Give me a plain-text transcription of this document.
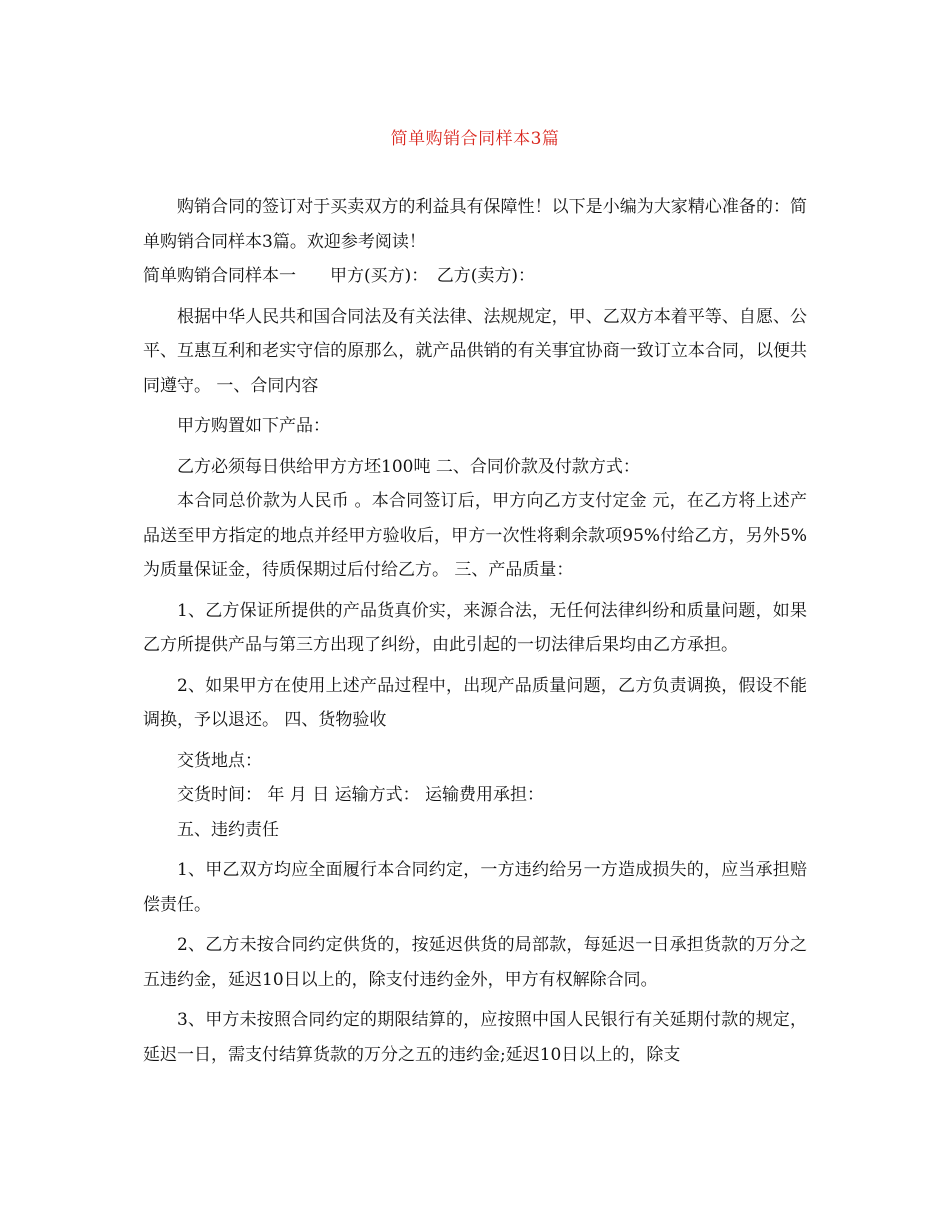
简单购销合同样本3篇

购销合同的签订对于买卖双方的利益具有保障性！以下是小编为大家精心准备的：简单购销合同样本3篇。欢迎参考阅读！

简单购销合同样本一　　甲方(买方)：　乙方(卖方)：

根据中华人民共和国合同法及有关法律、法规规定，甲、乙双方本着平等、自愿、公平、互惠互利和老实守信的原那么，就产品供销的有关事宜协商一致订立本合同，以便共同遵守。 一、合同内容

甲方购置如下产品：

乙方必须每日供给甲方方坯100吨 二、合同价款及付款方式：

本合同总价款为人民币 。本合同签订后，甲方向乙方支付定金 元，在乙方将上述产品送至甲方指定的地点并经甲方验收后，甲方一次性将剩余款项95%付给乙方，另外5%为质量保证金，待质保期过后付给乙方。 三、产品质量：

1、乙方保证所提供的产品货真价实，来源合法，无任何法律纠纷和质量问题，如果乙方所提供产品与第三方出现了纠纷，由此引起的一切法律后果均由乙方承担。

2、如果甲方在使用上述产品过程中，出现产品质量问题，乙方负责调换，假设不能调换，予以退还。 四、货物验收

交货地点：

交货时间： 年 月 日 运输方式： 运输费用承担：

五、违约责任

1、甲乙双方均应全面履行本合同约定，一方违约给另一方造成损失的，应当承担赔偿责任。

2、乙方未按合同约定供货的，按延迟供货的局部款，每延迟一日承担货款的万分之五违约金，延迟10日以上的，除支付违约金外，甲方有权解除合同。

3、甲方未按照合同约定的期限结算的，应按照中国人民银行有关延期付款的规定，延迟一日，需支付结算货款的万分之五的违约金;延迟10日以上的，除支
